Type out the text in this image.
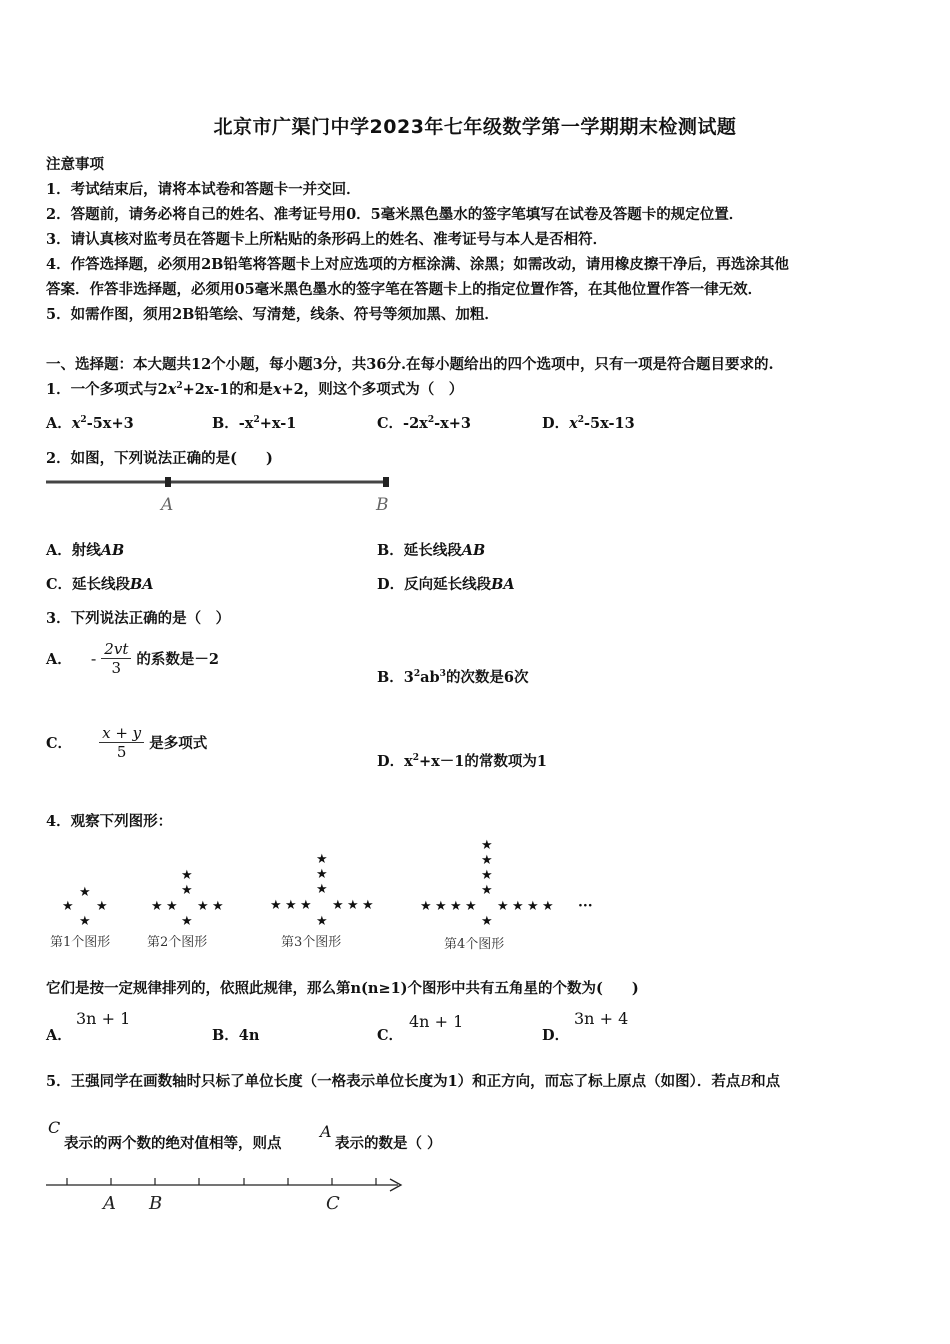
北京市广渠门中学2023年七年级数学第一学期期末检测试题
注意事项
1．考试结束后，请将本试卷和答题卡一并交回．
2．答题前，请务必将自己的姓名、准考证号用0．5毫米黑色墨水的签字笔填写在试卷及答题卡的规定位置．
3．请认真核对监考员在答题卡上所粘贴的条形码上的姓名、准考证号与本人是否相符．
4．作答选择题，必须用2B铅笔将答题卡上对应选项的方框涂满、涂黑；如需改动，请用橡皮擦干净后，再选涂其他
答案．作答非选择题，必须用05毫米黑色墨水的签字笔在答题卡上的指定位置作答，在其他位置作答一律无效．
5．如需作图，须用2B铅笔绘、写清楚，线条、符号等须加黑、加粗．
一、选择题：本大题共12个小题，每小题3分，共36分.在每小题给出的四个选项中，只有一项是符合题目要求的.
1．一个多项式与$2x^2+2x-1$的和是x+2，则这个多项式为（　）
A．$x^2-5x+3$	B．$-x^2+x-1$	C．$-2x^2-x+3$	D．$x^2-5x-13$
2．如图，下列说法正确的是(　　)
A	B
A．射线AB	B．延长线段AB
C．延长线段BA	D．反向延长线段BA
3．下列说法正确的是（　）
A． - $\frac{2vt}{3}$ 的系数是－2
B．$3^2ab^3$的次数是6次
C． $\frac{x + y}{5}$ 是多项式
D．$x^2+x-1$的常数项为1
4．观察下列图形：
★
★ ★
★
★
★
★ ★ ★ ★
★
★
★
★
★ ★ ★ ★ ★ ★
★
★
★
★
★
★ ★ ★ ★ ★ ★ ★ ★
★
···
第1个图形	第2个图形	第3个图形	第4个图形
它们是按一定规律排列的，依照此规律，那么第n(n≥1)个图形中共有五角星的个数为(　　)
A．
3n + 1
B．4n	C．
4n + 1
D．
3n + 4
5．王强同学在画数轴时只标了单位长度（一格表示单位长度为1）和正方向，而忘了标上原点（如图）．若点B和点
C
表示的两个数的绝对值相等，则点
A
表示的数是（ ）
A B	C
